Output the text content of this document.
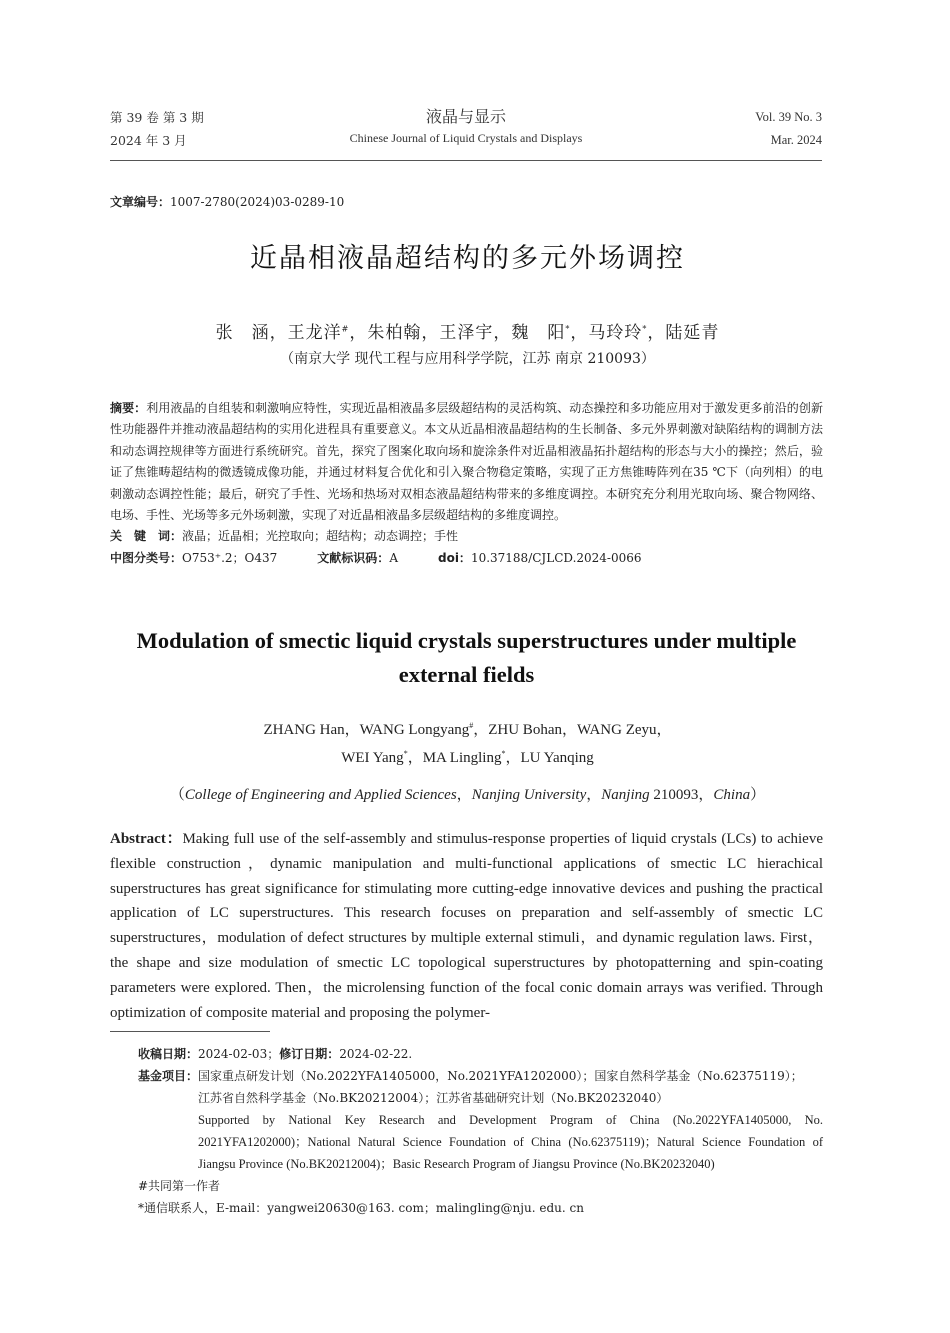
第 39 卷 第 3 期
2024 年 3 月
液晶与显示
Chinese Journal of Liquid Crystals and Displays
Vol. 39 No. 3
Mar. 2024
文章编号：1007-2780(2024)03-0289-10
近晶相液晶超结构的多元外场调控
张　涵，王龙洋#，朱柏翰，王泽宇，魏　阳*，马玲玲*，陆延青
（南京大学 现代工程与应用科学学院，江苏 南京 210093）
摘要：利用液晶的自组装和刺激响应特性，实现近晶相液晶多层级超结构的灵活构筑、动态操控和多功能应用对于激发更多前沿的创新性功能器件并推动液晶超结构的实用化进程具有重要意义。本文从近晶相液晶超结构的生长制备、多元外界刺激对缺陷结构的调制方法和动态调控规律等方面进行系统研究。首先，探究了图案化取向场和旋涂条件对近晶相液晶拓扑超结构的形态与大小的操控；然后，验证了焦锥畴超结构的微透镜成像功能，并通过材料复合优化和引入聚合物稳定策略，实现了正方焦锥畴阵列在35 ℃下（向列相）的电刺激动态调控性能；最后，研究了手性、光场和热场对双相态液晶超结构带来的多维度调控。本研究充分利用光取向场、聚合物网络、电场、手性、光场等多元外场刺激，实现了对近晶相液晶多层级超结构的多维度调控。
关　键　词：液晶；近晶相；光控取向；超结构；动态调控；手性
中图分类号：O753⁺.2；O437	文献标识码：A	doi：10.37188/CJLCD.2024-0066
Modulation of smectic liquid crystals superstructures under multiple external fields
ZHANG Han，WANG Longyang#，ZHU Bohan，WANG Zeyu，
WEI Yang*，MA Lingling*，LU Yanqing
（College of Engineering and Applied Sciences，Nanjing University，Nanjing 210093，China）
Abstract：Making full use of the self-assembly and stimulus-response properties of liquid crystals (LCs) to achieve flexible construction，dynamic manipulation and multi-functional applications of smectic LC hierachical superstructures has great significance for stimulating more cutting-edge innovative devices and pushing the practical application of LC superstructures. This research focuses on preparation and self-assembly of smectic LC superstructures，modulation of defect structures by multiple external stimuli，and dynamic regulation laws. First，the shape and size modulation of smectic LC topological superstructures by photopatterning and spin-coating parameters were explored. Then，the microlensing function of the focal conic domain arrays was verified. Through optimization of composite material and proposing the polymer-
收稿日期：2024-02-03；修订日期：2024-02-22.
基金项目： 国家重点研发计划（No.2022YFA1405000，No.2021YFA1202000）；国家自然科学基金（No.62375119）；
江苏省自然科学基金（No.BK20212004）；江苏省基础研究计划（No.BK20232040）
Supported by National Key Research and Development Program of China (No.2022YFA1405000, No. 2021YFA1202000)；National Natural Science Foundation of China (No.62375119)；Natural Science Foundation of Jiangsu Province (No.BK20212004)；Basic Research Program of Jiangsu Province (No.BK20232040)
#共同第一作者
*通信联系人，E-mail：yangwei20630@163. com；malingling@nju. edu. cn
